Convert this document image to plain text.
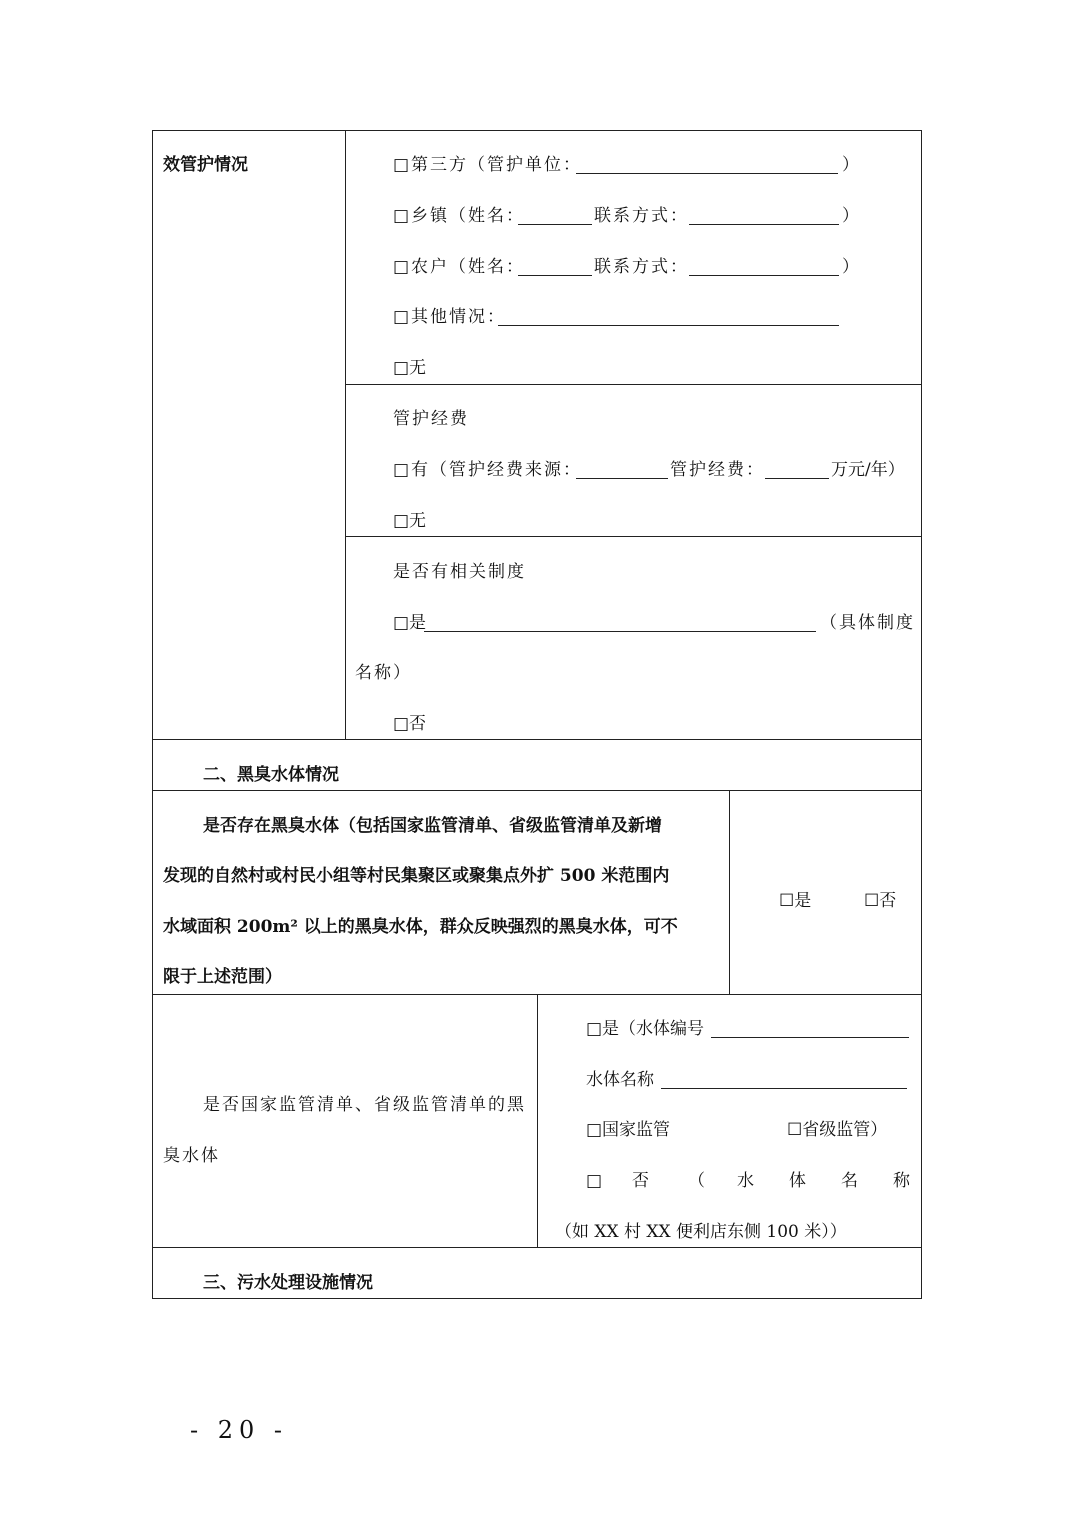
效管护情况	□第三方（管护单位：	）
□乡镇（姓名：	联系方式：	）
□农户（姓名：	联系方式：	）
□其他情况：
□无
管护经费
□有（管护经费来源：	管护经费：	万元/年）
□无
是否有相关制度
□是	（具体制度
名称）
□否
二、黑臭水体情况
是否存在黑臭水体（包括国家监管清单、省级监管清单及新增
发现的自然村或村民小组等村民集聚区或聚集点外扩 500 米范围内
水域面积 200m² 以上的黑臭水体，群众反映强烈的黑臭水体，可不
限于上述范围）
☐是	☐否
是否国家监管清单、省级监管清单的黑
臭水体
□是（水体编号
水体名称
□国家监管	☐省级监管）
□ 否 （ 水 体 名 称
（如 XX 村 XX 便利店东侧 100 米））
三、污水处理设施情况
- 20 -
